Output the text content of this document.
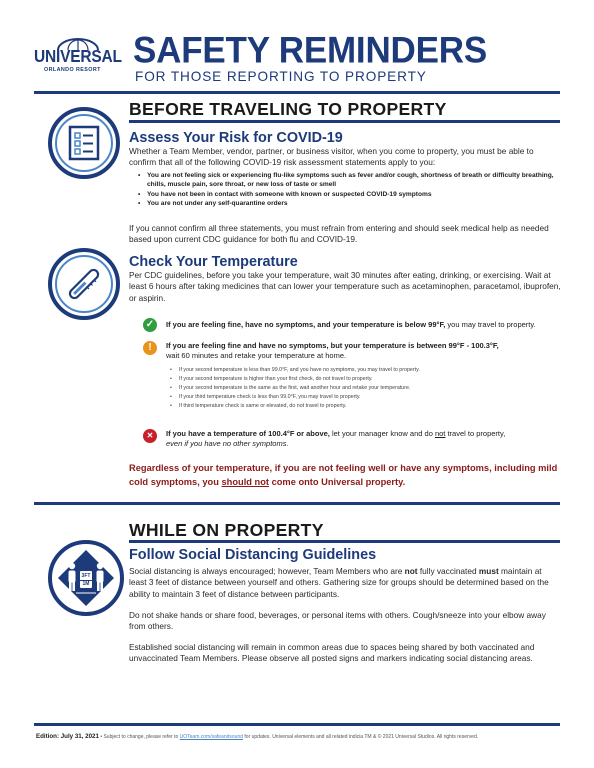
UNIVERSAL
ORLANDO RESORT SAFETY REMINDERS
FOR THOSE REPORTING TO PROPERTY
BEFORE TRAVELING TO PROPERTY
Assess Your Risk for COVID-19
Whether a Team Member, vendor, partner, or business visitor, when you come to property, you must be able to confirm that all of the following COVID-19 risk assessment statements apply to you:
• You are not feeling sick or experiencing flu-like symptoms such as fever and/or cough, shortness of breath or difficulty breathing, chills, muscle pain, sore throat, or new loss of taste or smell
• You have not been in contact with someone with known or suspected COVID-19 symptoms
• You are not under any self-quarantine orders
If you cannot confirm all three statements, you must refrain from entering and should seek medical help as needed based upon current CDC guidance for both flu and COVID-19.
Check Your Temperature
Per CDC guidelines, before you take your temperature, wait 30 minutes after eating, drinking, or exercising. Wait at least 6 hours after taking medicines that can lower your temperature such as acetaminophen, paracetamol, ibuprofen, or aspirin.
✓	If you are feeling fine, have no symptoms, and your temperature is below 99°F, you may travel to property.
!	If you are feeling fine and have no symptoms, but your temperature is between 99°F - 100.3°F,
wait 60 minutes and retake your temperature at home.
• If your second temperature is less than 99.0°F, and you have no symptoms, you may travel to property.
• If your second temperature is higher than your first check, do not travel to property.
• If your second temperature is the same as the first, wait another hour and retake your temperature.
• If your third temperature check is less than 99.0°F, you may travel to property.
• If third temperature check is same or elevated, do not travel to property.
✕	If you have a temperature of 100.4°F or above, let your manager know and do not travel to property,
even if you have no other symptoms.
Regardless of your temperature, if you are not feeling well or have any symptoms, including mild cold symptoms, you should not come onto Universal property.
WHILE ON PROPERTY
3FT
1M
Follow Social Distancing Guidelines
Social distancing is always encouraged; however, Team Members who are not fully vaccinated must maintain at least 3 feet of distance between yourself and others. Gathering size for groups should be determined based on the ability to maintain 3 feet of distance between participants.
Do not shake hands or share food, beverages, or personal items with others. Cough/sneeze into your elbow away from others.
Established social distancing will remain in common areas due to spaces being shared by both vaccinated and unvaccinated Team Members. Please observe all posted signs and markers indicating social distancing areas.
Edition: July 31, 2021 • Subject to change, please refer to UOTeam.com/safeandsound for updates. Universal elements and all related indicia TM & © 2021 Universal Studios. All rights reserved.
